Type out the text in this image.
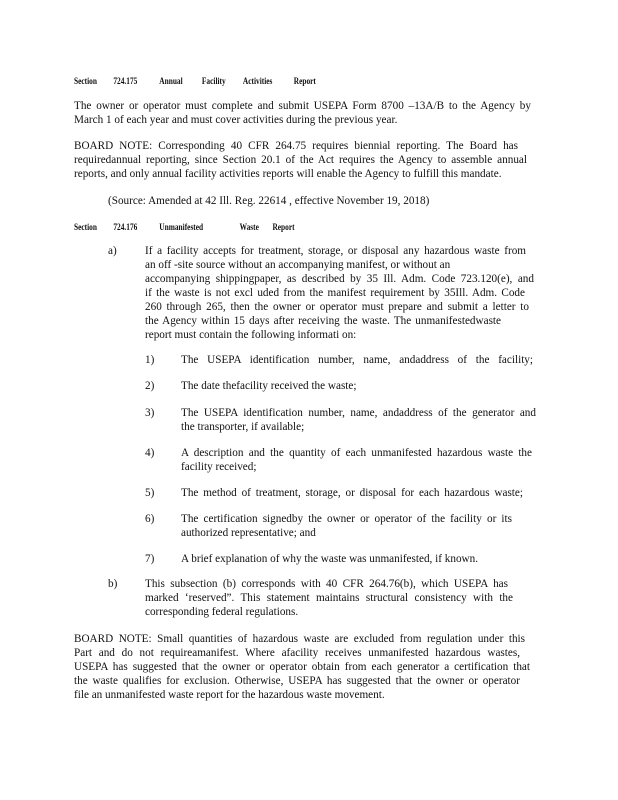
Section 724.175 Annual Facility Activities Report
The owner or operator must complete and submit USEPA Form 8700 –13A/B to the Agency by
March 1 of each year and must cover activities during the previous year.
BOARD NOTE: Corresponding 40 CFR 264.75 requires biennial reporting. The Board has
requiredannual reporting, since Section 20.1 of the Act requires the Agency to assemble annual
reports, and only annual facility activities reports will enable the Agency to fulfill this mandate.
(Source: Amended at 42 Ill. Reg. 22614 , effective November 19, 2018)
Section 724.176 Unmanifested	Waste Report
a)	If a facility accepts for treatment, storage, or disposal any hazardous waste from
an off -site source without an accompanying manifest, or without an
accompanying shippingpaper, as described by 35 Ill. Adm. Code 723.120(e), and
if the waste is not excl uded from the manifest requirement by 35Ill. Adm. Code
260 through 265, then the owner or operator must prepare and submit a letter to
the Agency within 15 days after receiving the waste. The unmanifestedwaste
report must contain the following informati on:
1) The USEPA identification number, name, andaddress of the facility;
2) The date thefacility received the waste;
3) The USEPA identification number, name, andaddress of the generator and
the transporter, if available;
4) A description and the quantity of each unmanifested hazardous waste the
facility received;
5) The method of treatment, storage, or disposal for each hazardous waste;
6) The certification signedby the owner or operator of the facility or its
authorized representative; and
7) A brief explanation of why the waste was unmanifested, if known.
b) This subsection (b) corresponds with 40 CFR 264.76(b), which USEPA has
marked ‘reserved”. This statement maintains structural consistency with the
corresponding federal regulations.
BOARD NOTE: Small quantities of hazardous waste are excluded from regulation under this
Part and do not requireamanifest. Where afacility receives unmanifested hazardous wastes,
USEPA has suggested that the owner or operator obtain from each generator a certification that
the waste qualifies for exclusion. Otherwise, USEPA has suggested that the owner or operator
file an unmanifested waste report for the hazardous waste movement.
